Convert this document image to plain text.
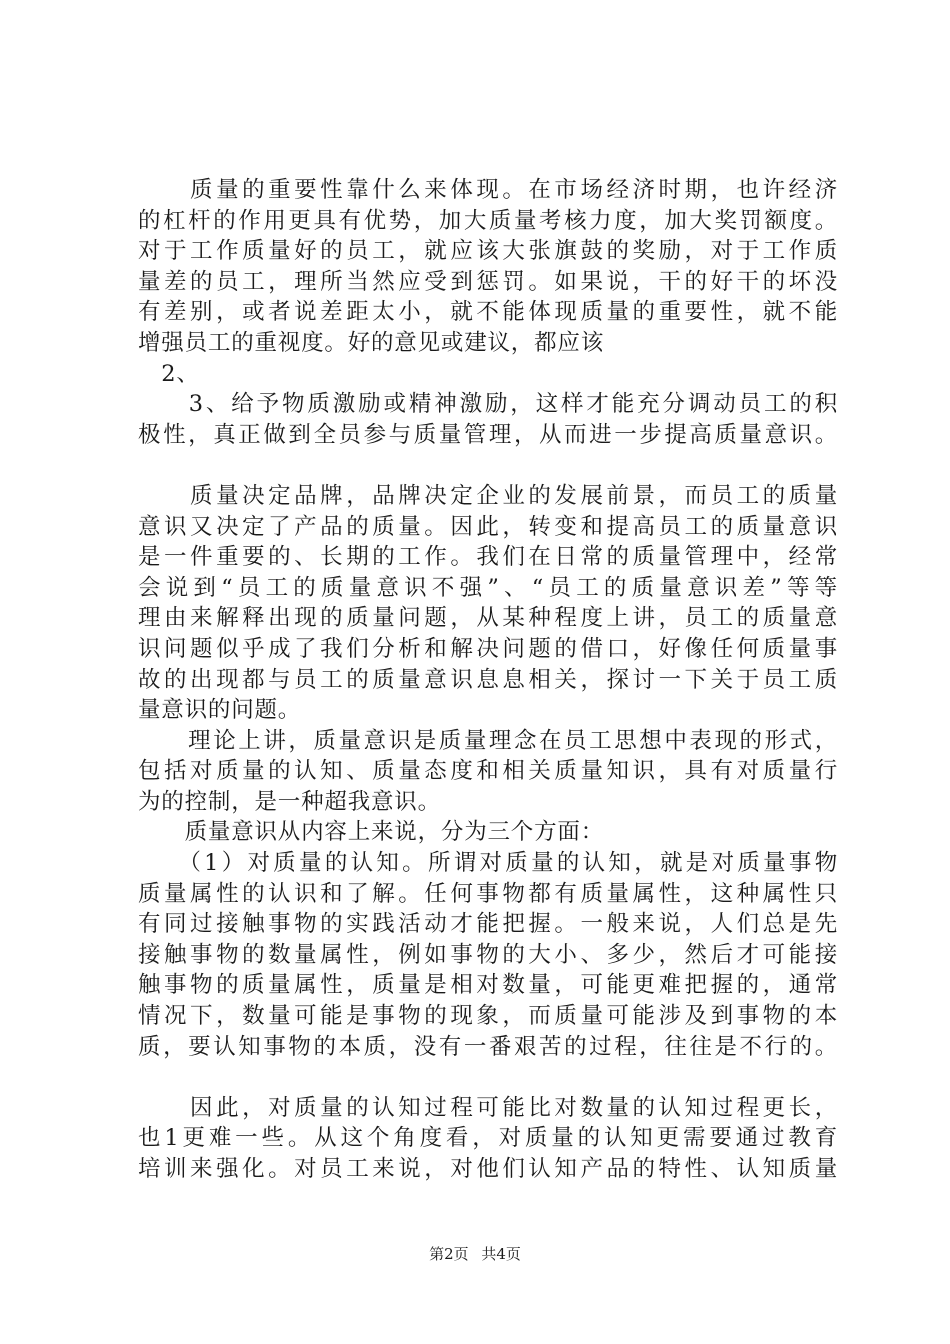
　　质量的重要性靠什么来体现。在市场经济时期，也许经济
的杠杆的作用更具有优势，加大质量考核力度，加大奖罚额度。
对于工作质量好的员工，就应该大张旗鼓的奖励，对于工作质
量差的员工，理所当然应受到惩罚。如果说，干的好干的坏没
有差别，或者说差距太小，就不能体现质量的重要性，就不能
增强员工的重视度。好的意见或建议，都应该
　2、
　　3、给予物质激励或精神激励，这样才能充分调动员工的积
极性，真正做到全员参与质量管理，从而进一步提高质量意识。
　　质量决定品牌，品牌决定企业的发展前景，而员工的质量
意识又决定了产品的质量。因此，转变和提高员工的质量意识
是一件重要的、长期的工作。我们在日常的质量管理中，经常
会说到“员工的质量意识不强”、“员工的质量意识差”等等
理由来解释出现的质量问题，从某种程度上讲，员工的质量意
识问题似乎成了我们分析和解决问题的借口，好像任何质量事
故的出现都与员工的质量意识息息相关，探讨一下关于员工质
量意识的问题。
　　理论上讲，质量意识是质量理念在员工思想中表现的形式，
包括对质量的认知、质量态度和相关质量知识，具有对质量行
为的控制，是一种超我意识。
　　质量意识从内容上来说，分为三个方面：
　　（1）对质量的认知。所谓对质量的认知，就是对质量事物
质量属性的认识和了解。任何事物都有质量属性，这种属性只
有同过接触事物的实践活动才能把握。一般来说，人们总是先
接触事物的数量属性，例如事物的大小、多少，然后才可能接
触事物的质量属性，质量是相对数量，可能更难把握的，通常
情况下，数量可能是事物的现象，而质量可能涉及到事物的本
质，要认知事物的本质，没有一番艰苦的过程，往往是不行的。
　　因此，对质量的认知过程可能比对数量的认知过程更长，
也1更难一些。从这个角度看，对质量的认知更需要通过教育
培训来强化。对员工来说，对他们认知产品的特性、认知质量
第2页 共4页
